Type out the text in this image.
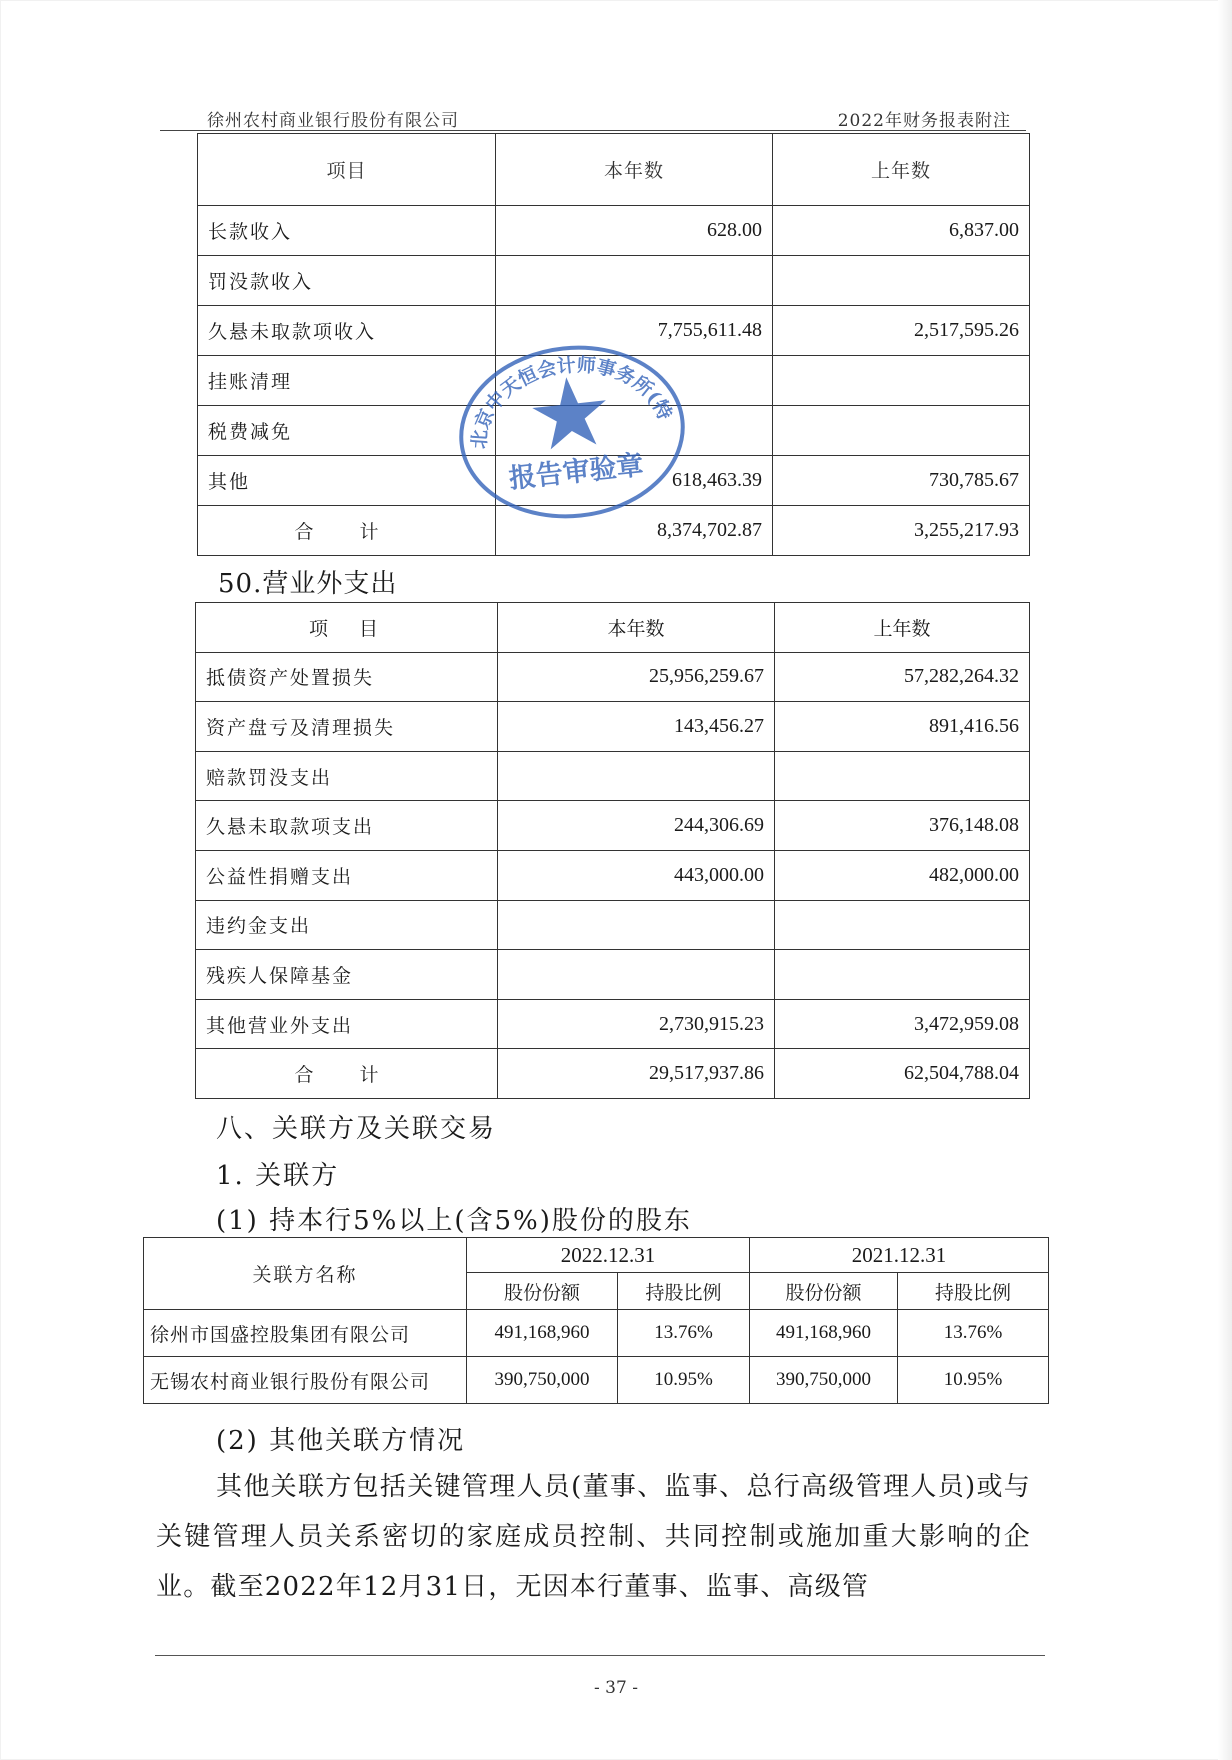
徐州农村商业银行股份有限公司	2022年财务报表附注
项目	本年数	上年数
长款收入	628.00	6,837.00
罚没款收入		
久悬未取款项收入	7,755,611.48	2,517,595.26
挂账清理		
税费减免		
其他	618,463.39	730,785.67
合 计	8,374,702.87	3,255,217.93
北京中天恒会计师事务所(特殊普通合伙)江苏分所
报告审验章
50.营业外支出
项　目	本年数	上年数
抵债资产处置损失	25,956,259.67	57,282,264.32
资产盘亏及清理损失	143,456.27	891,416.56
赔款罚没支出		
久悬未取款项支出	244,306.69	376,148.08
公益性捐赠支出	443,000.00	482,000.00
违约金支出		
残疾人保障基金		
其他营业外支出	2,730,915.23	3,472,959.08
合 计	29,517,937.86	62,504,788.04
八、关联方及关联交易
1. 关联方
(1) 持本行5%以上(含5%)股份的股东
关联方名称	2022.12.31		2021.12.31	
	股份份额	持股比例	股份份额	持股比例
徐州市国盛控股集团有限公司	491,168,960	13.76%	491,168,960	13.76%
无锡农村商业银行股份有限公司	390,750,000	10.95%	390,750,000	10.95%
(2) 其他关联方情况
其他关联方包括关键管理人员(董事、监事、总行高级管理人员)或与关键管理人员关系密切的家庭成员控制、共同控制或施加重大影响的企业。截至2022年12月31日，无因本行董事、监事、高级管
- 37 -
